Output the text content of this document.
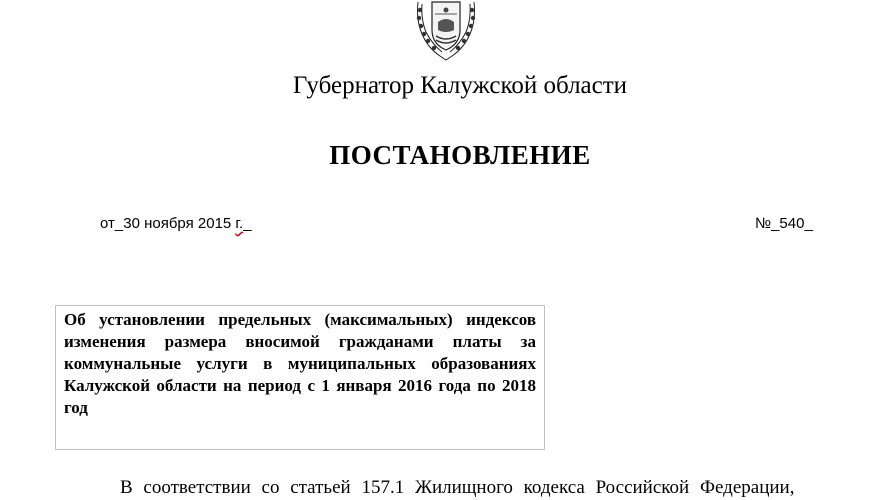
Губернатор Калужской области
ПОСТАНОВЛЕНИЕ
от_30 ноября 2015 г._	№_540_
Об установлении предельных (максимальных) индексов изменения размера вносимой гражданами платы за коммунальные услуги в муниципальных образованиях Калужской области на период с 1 января 2016 года по 2018 год
В соответствии со статьей 157.1 Жилищного кодекса Российской Федерации,
